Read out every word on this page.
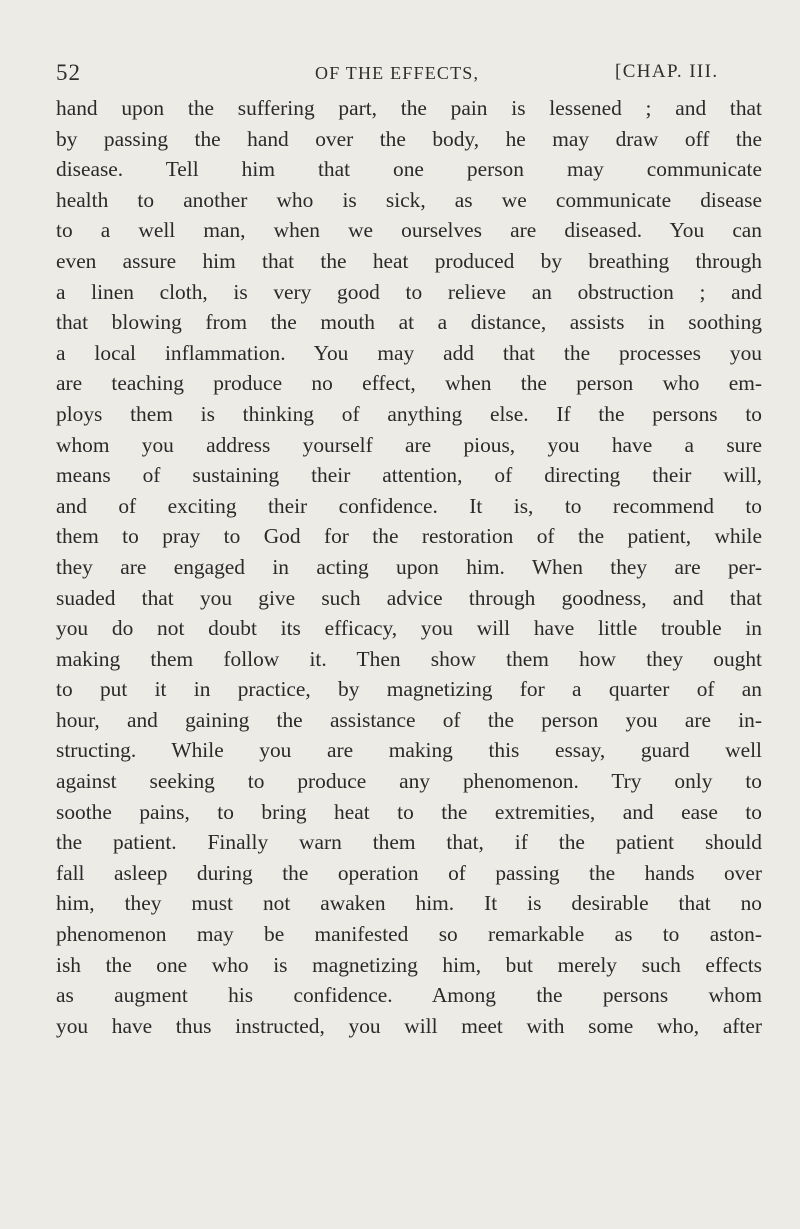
52	OF THE EFFECTS,	[CHAP. III.
hand upon the suffering part, the pain is lessened ; and that
by passing the hand over the body, he may draw off the
disease. Tell him that one person may communicate
health to another who is sick, as we communicate disease
to a well man, when we ourselves are diseased. You can
even assure him that the heat produced by breathing through
a linen cloth, is very good to relieve an obstruction ; and
that blowing from the mouth at a distance, assists in soothing
a local inflammation. You may add that the processes you
are teaching produce no effect, when the person who em-
ploys them is thinking of anything else. If the persons to
whom you address yourself are pious, you have a sure
means of sustaining their attention, of directing their will,
and of exciting their confidence. It is, to recommend to
them to pray to God for the restoration of the patient, while
they are engaged in acting upon him. When they are per-
suaded that you give such advice through goodness, and that
you do not doubt its efficacy, you will have little trouble in
making them follow it. Then show them how they ought
to put it in practice, by magnetizing for a quarter of an
hour, and gaining the assistance of the person you are in-
structing. While you are making this essay, guard well
against seeking to produce any phenomenon. Try only to
soothe pains, to bring heat to the extremities, and ease to
the patient. Finally warn them that, if the patient should
fall asleep during the operation of passing the hands over
him, they must not awaken him. It is desirable that no
phenomenon may be manifested so remarkable as to aston-
ish the one who is magnetizing him, but merely such effects
as augment his confidence. Among the persons whom
you have thus instructed, you will meet with some who, after
